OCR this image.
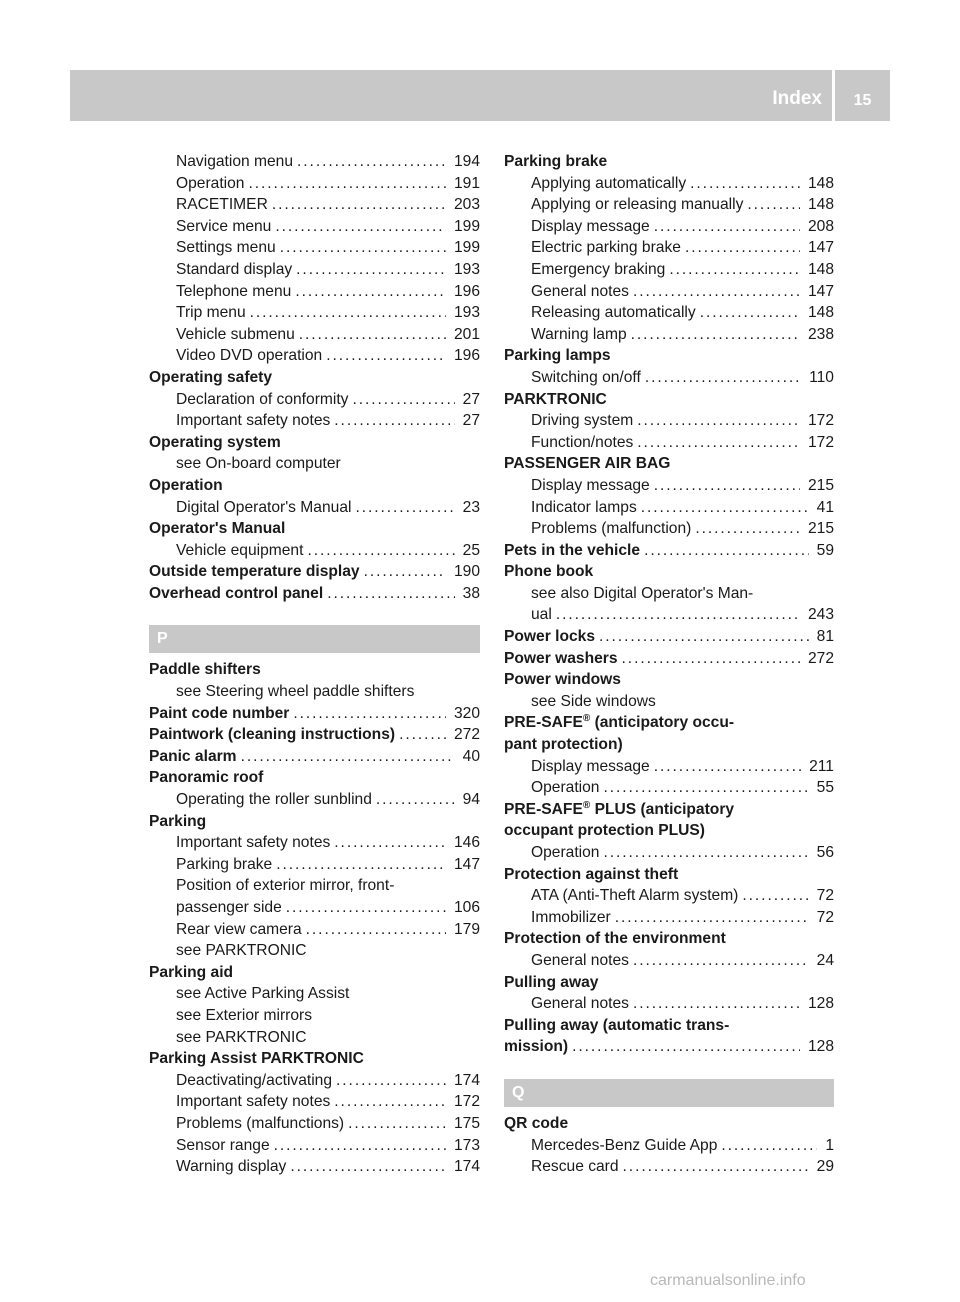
Index	15
Navigation menu . . .	194
Operation . . .	191
RACETIMER . . .	203
Service menu . . .	199
Settings menu . . .	199
Standard display . . .	193
Telephone menu . . .	196
Trip menu . . .	193
Vehicle submenu . . .	201
Video DVD operation . . .	196
Operating safety
Declaration of conformity . . .	27
Important safety notes . . .	27
Operating system
see On-board computer
Operation
Digital Operator's Manual . . .	23
Operator's Manual
Vehicle equipment . . .	25
Outside temperature display . . .	190
Overhead control panel . . .	38
P
Paddle shifters
see Steering wheel paddle shifters
Paint code number . . .	320
Paintwork (cleaning instructions) . . .	272
Panic alarm . . .	40
Panoramic roof
Operating the roller sunblind . . .	94
Parking
Important safety notes . . .	146
Parking brake . . .	147
Position of exterior mirror, front-
passenger side . . .	106
Rear view camera . . .	179
see PARKTRONIC
Parking aid
see Active Parking Assist
see Exterior mirrors
see PARKTRONIC
Parking Assist PARKTRONIC
Deactivating/activating . . .	174
Important safety notes . . .	172
Problems (malfunctions) . . .	175
Sensor range . . .	173
Warning display . . .	174
Parking brake
Applying automatically . . .	148
Applying or releasing manually . . .	148
Display message . . .	208
Electric parking brake . . .	147
Emergency braking . . .	148
General notes . . .	147
Releasing automatically . . .	148
Warning lamp . . .	238
Parking lamps
Switching on/off . . .	110
PARKTRONIC
Driving system . . .	172
Function/notes . . .	172
PASSENGER AIR BAG
Display message . . .	215
Indicator lamps . . .	41
Problems (malfunction) . . .	215
Pets in the vehicle . . .	59
Phone book
see also Digital Operator's Man-
ual . . .	243
Power locks . . .	81
Power washers . . .	272
Power windows
see Side windows
PRE-SAFE® (anticipatory occu-
pant protection)
Display message . . .	211
Operation . . .	55
PRE-SAFE® PLUS (anticipatory
occupant protection PLUS)
Operation . . .	56
Protection against theft
ATA (Anti-Theft Alarm system) . . .	72
Immobilizer . . .	72
Protection of the environment
General notes . . .	24
Pulling away
General notes . . .	128
Pulling away (automatic trans-
mission) . . .	128
Q
QR code
Mercedes-Benz Guide App . . .	1
Rescue card . . .	29
carmanualsonline.info
